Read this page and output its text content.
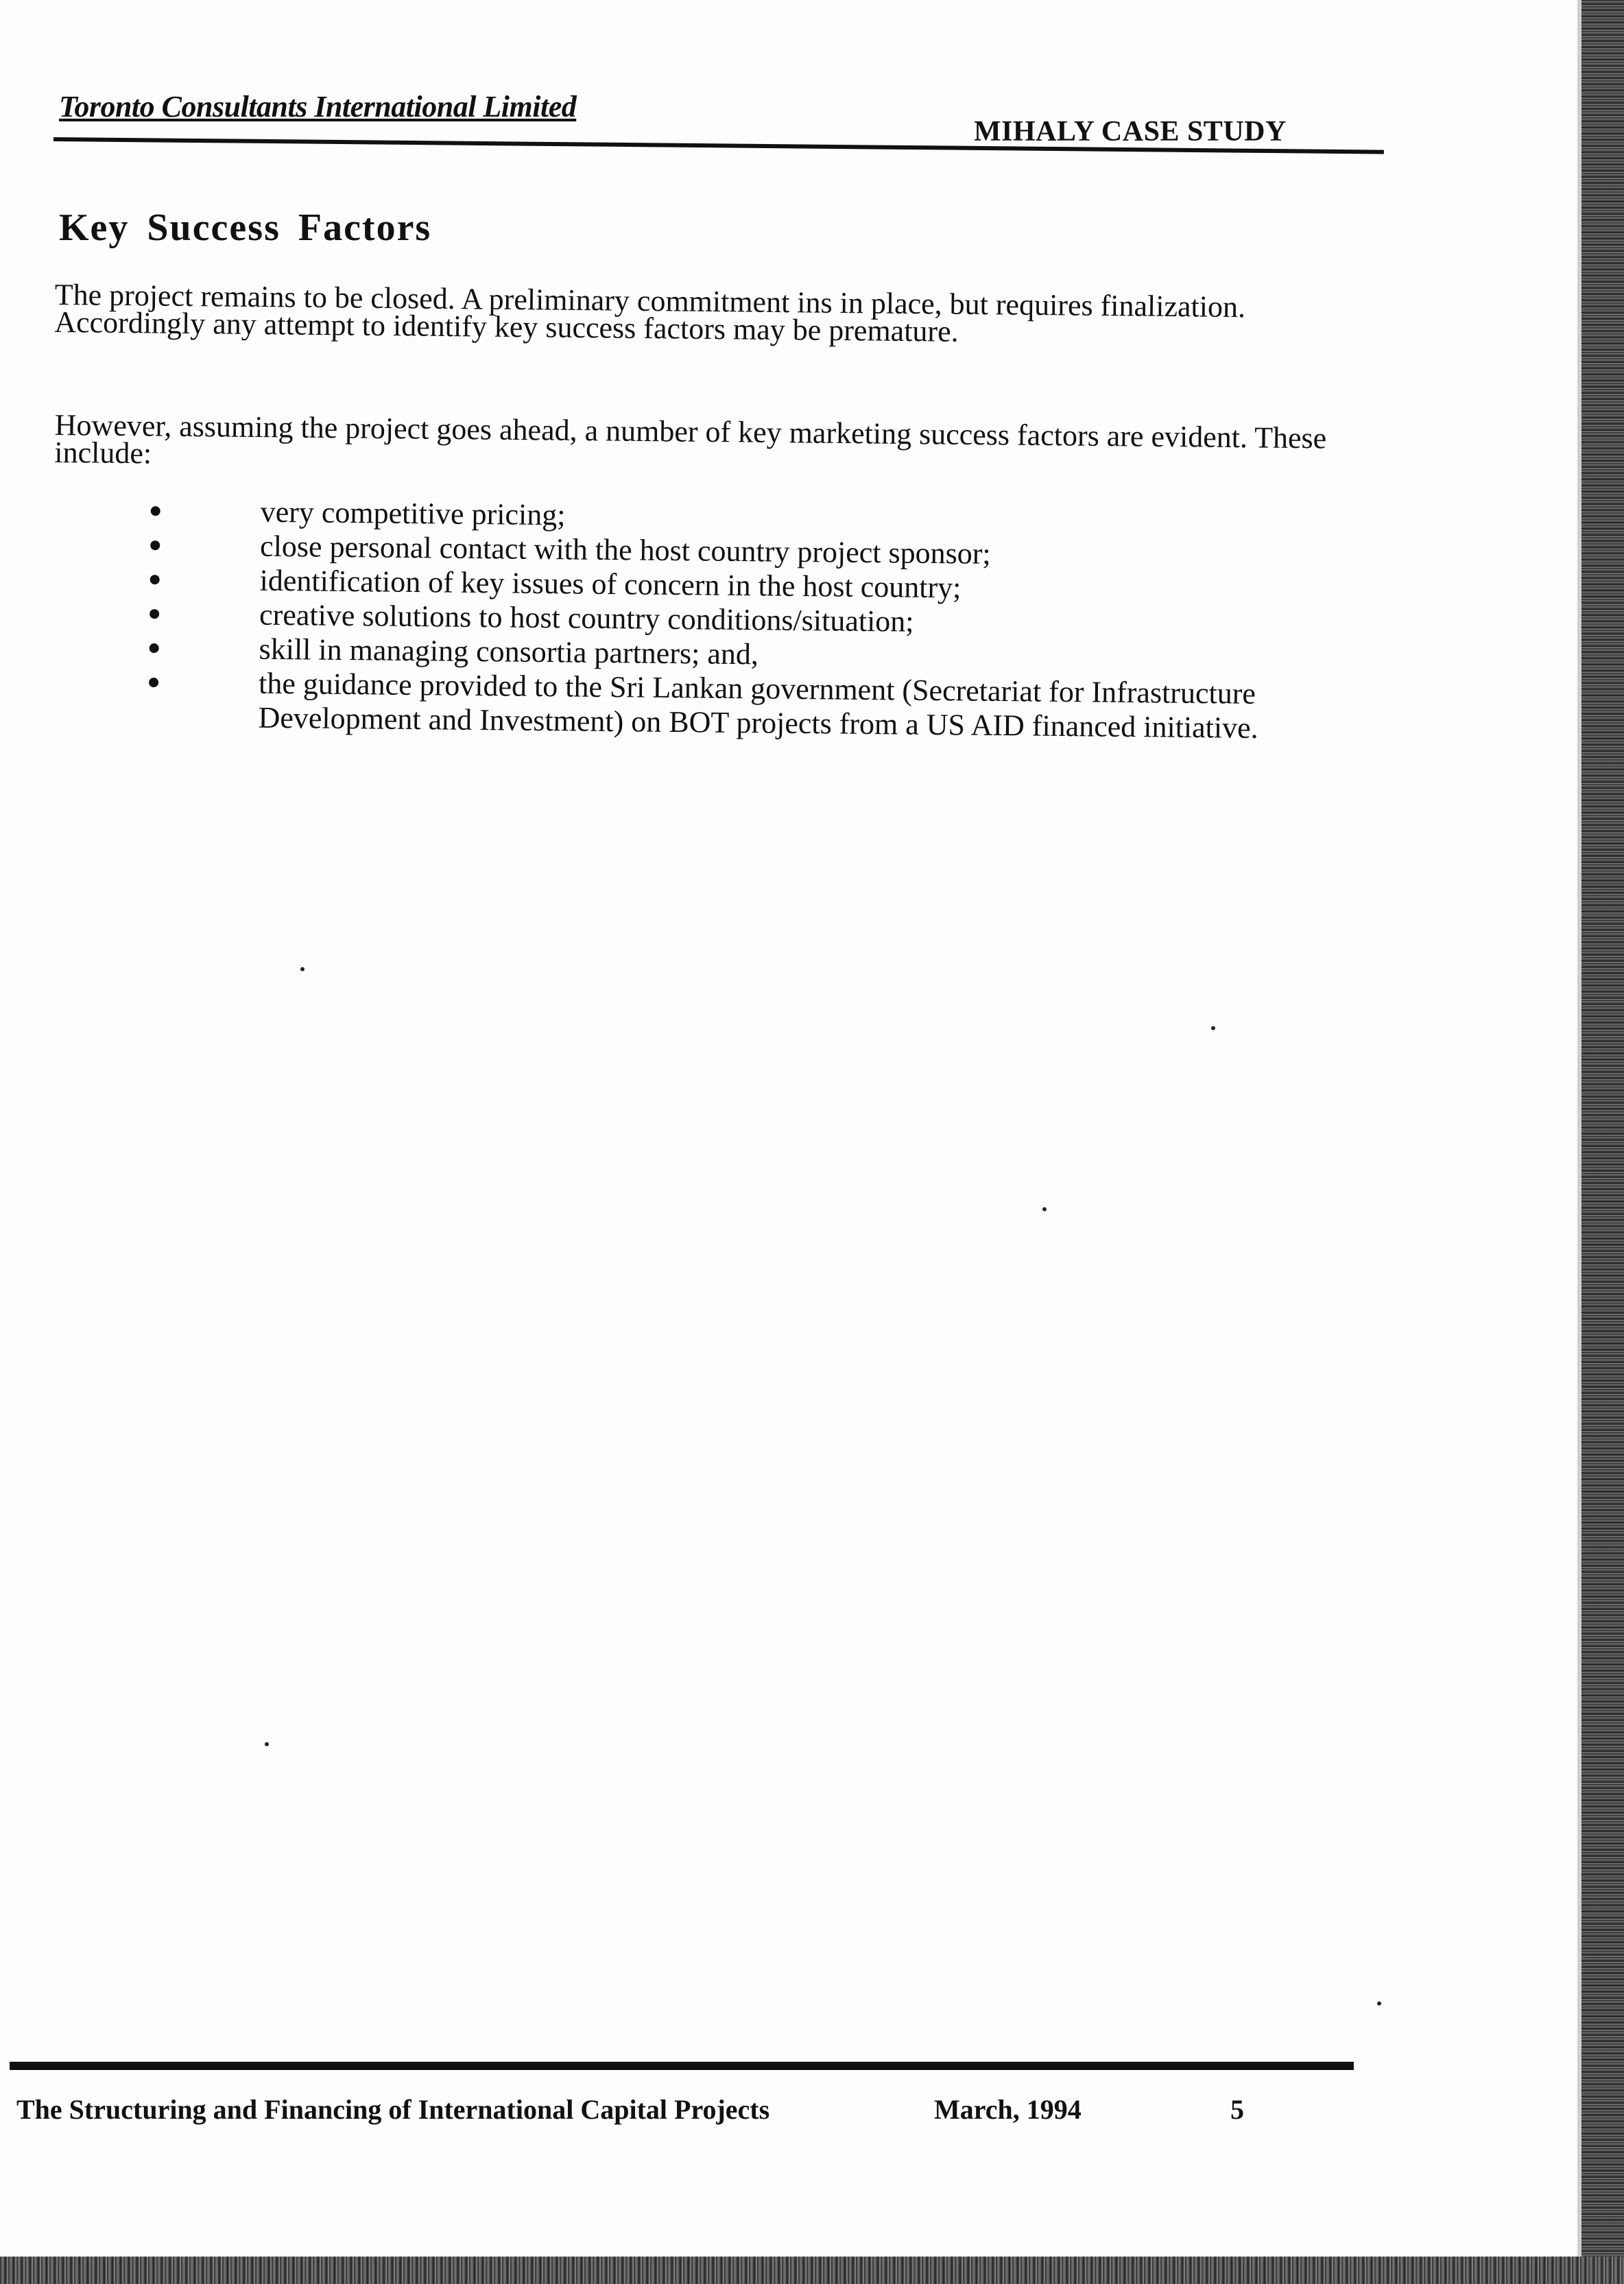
Toronto Consultants International Limited
MIHALY CASE STUDY
Key Success Factors
The project remains to be closed. A preliminary commitment ins in place, but requires finalization. Accordingly any attempt to identify key success factors may be premature.
However, assuming the project goes ahead, a number of key marketing success factors are evident. These include:
very competitive pricing;
close personal contact with the host country project sponsor;
identification of key issues of concern in the host country;
creative solutions to host country conditions/situation;
skill in managing consortia partners; and,
the guidance provided to the Sri Lankan government (Secretariat for Infrastructure Development and Investment) on BOT projects from a US AID financed initiative.
The Structuring and Financing of International Capital Projects	March, 1994	5
